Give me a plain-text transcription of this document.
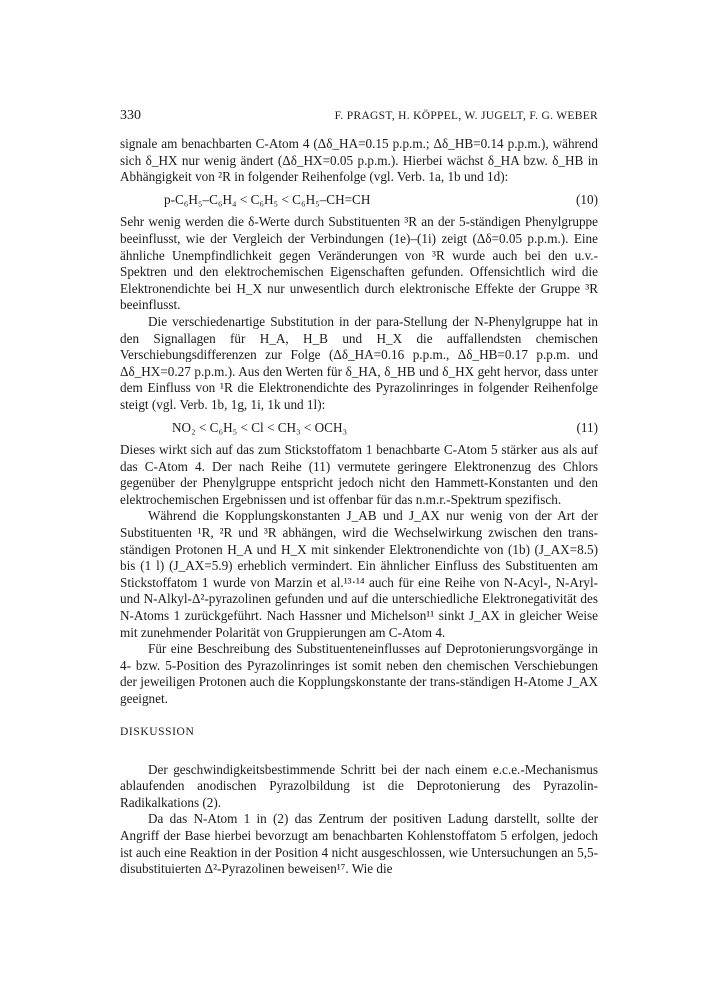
330	F. PRAGST, H. KÖPPEL, W. JUGELT, F. G. WEBER

signale am benachbarten C-Atom 4 (Δδ_HA=0.15 p.p.m.; Δδ_HB=0.14 p.p.m.), während sich δ_HX nur wenig ändert (Δδ_HX=0.05 p.p.m.). Hierbei wächst δ_HA bzw. δ_HB in Abhängigkeit von ²R in folgender Reihenfolge (vgl. Verb. 1a, 1b und 1d):

p-C₆H₅–C₆H₄ < C₆H₅ < C₆H₅–CH=CH	(10)

Sehr wenig werden die δ-Werte durch Substituenten ³R an der 5-ständigen Phenylgruppe beeinflusst, wie der Vergleich der Verbindungen (1e)–(1i) zeigt (Δδ=0.05 p.p.m.). Eine ähnliche Unempfindlichkeit gegen Veränderungen von ³R wurde auch bei den u.v.-Spektren und den elektrochemischen Eigenschaften gefunden. Offensichtlich wird die Elektronendichte bei H_X nur unwesentlich durch elektronische Effekte der Gruppe ³R beeinflusst.

Die verschiedenartige Substitution in der para-Stellung der N-Phenylgruppe hat in den Signallagen für H_A, H_B und H_X die auffallendsten chemischen Verschiebungsdifferenzen zur Folge (Δδ_HA=0.16 p.p.m., Δδ_HB=0.17 p.p.m. und Δδ_HX=0.27 p.p.m.). Aus den Werten für δ_HA, δ_HB und δ_HX geht hervor, dass unter dem Einfluss von ¹R die Elektronendichte des Pyrazolinringes in folgender Reihenfolge steigt (vgl. Verb. 1b, 1g, 1i, 1k und 1l):

NO₂ < C₆H₅ < Cl < CH₃ < OCH₃	(11)

Dieses wirkt sich auf das zum Stickstoffatom 1 benachbarte C-Atom 5 stärker aus als auf das C-Atom 4. Der nach Reihe (11) vermutete geringere Elektronenzug des Chlors gegenüber der Phenylgruppe entspricht jedoch nicht den Hammett-Konstanten und den elektrochemischen Ergebnissen und ist offenbar für das n.m.r.-Spektrum spezifisch.

Während die Kopplungskonstanten J_AB und J_AX nur wenig von der Art der Substituenten ¹R, ²R und ³R abhängen, wird die Wechselwirkung zwischen den trans-ständigen Protonen H_A und H_X mit sinkender Elektronendichte von (1b) (J_AX=8.5) bis (1 l) (J_AX=5.9) erheblich vermindert. Ein ähnlicher Einfluss des Substituenten am Stickstoffatom 1 wurde von Marzin et al.¹³·¹⁴ auch für eine Reihe von N-Acyl-, N-Aryl- und N-Alkyl-Δ²-pyrazolinen gefunden und auf die unterschiedliche Elektronegativität des N-Atoms 1 zurückgeführt. Nach Hassner und Michelson¹¹ sinkt J_AX in gleicher Weise mit zunehmender Polarität von Gruppierungen am C-Atom 4.

Für eine Beschreibung des Substituenteneinflusses auf Deprotonierungsvorgänge in 4- bzw. 5-Position des Pyrazolinringes ist somit neben den chemischen Verschiebungen der jeweiligen Protonen auch die Kopplungskonstante der trans-ständigen H-Atome J_AX geeignet.

DISKUSSION

Der geschwindigkeitsbestimmende Schritt bei der nach einem e.c.e.-Mechanismus ablaufenden anodischen Pyrazolbildung ist die Deprotonierung des Pyrazolin-Radikalkations (2).

Da das N-Atom 1 in (2) das Zentrum der positiven Ladung darstellt, sollte der Angriff der Base hierbei bevorzugt am benachbarten Kohlenstoffatom 5 erfolgen, jedoch ist auch eine Reaktion in der Position 4 nicht ausgeschlossen, wie Untersuchungen an 5,5-disubstituierten Δ²-Pyrazolinen beweisen¹⁷. Wie die
